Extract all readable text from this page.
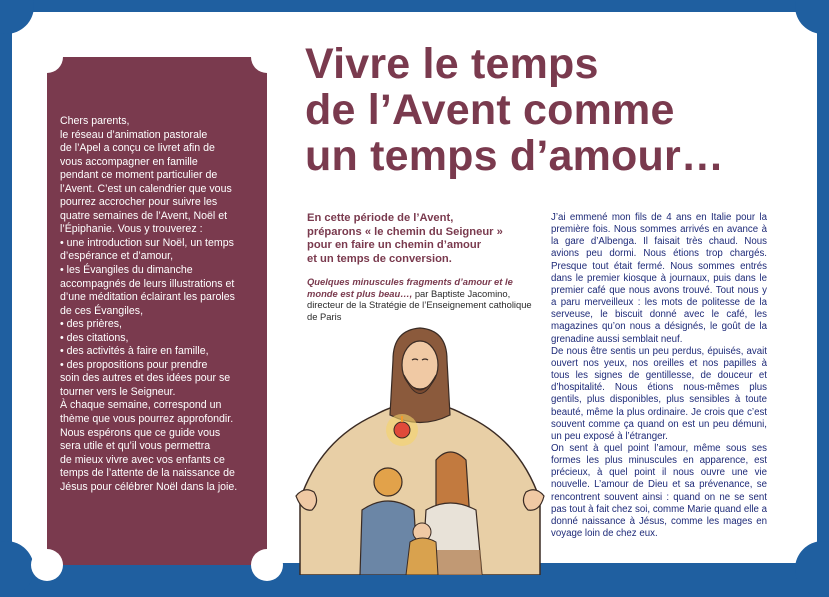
Chers parents,
le réseau d’animation pastorale
de l’Apel a conçu ce livret afin de
vous accompagner en famille
pendant ce moment particulier de
l’Avent. C’est un calendrier que vous
pourrez accrocher pour suivre les
quatre semaines de l’Avent, Noël et
l’Épiphanie. Vous y trouverez :
• une introduction sur Noël, un temps
d’espérance et d’amour,
• les Évangiles du dimanche
accompagnés de leurs illustrations et
d’une méditation éclairant les paroles
de ces Évangiles,
• des prières,
• des citations,
• des activités à faire en famille,
• des propositions pour prendre
soin des autres et des idées pour se
tourner vers le Seigneur.
À chaque semaine, correspond un
thème que vous pourrez approfondir.
Nous espérons que ce guide vous
sera utile et qu’il vous permettra
de mieux vivre avec vos enfants ce
temps de l’attente de la naissance de
Jésus pour célébrer Noël dans la joie.
Vivre le temps
de l’Avent comme
un temps d’amour…
En cette période de l’Avent,
préparons « le chemin du Seigneur »
pour en faire un chemin d’amour
et un temps de conversion.
Quelques minuscules fragments d’amour et le monde est plus beau…, par Baptiste Jacomino, directeur de la Stratégie de l’Enseignement catholique de Paris

J’ai emmené mon fils de 4 ans en Italie pour la première fois. Nous sommes arrivés en avance à la gare d’Albenga. Il faisait très chaud. Nous avions peu dormi. Nous étions trop chargés. Presque tout était fermé. Nous sommes entrés dans le premier kiosque à journaux, puis dans le premier café que nous avons trouvé. Tout nous y a paru merveilleux : les mots de politesse de la serveuse, le biscuit donné avec le café, les magazines qu’on nous a désignés, le goût de la grenadine aussi semblait neuf.

De nous être sentis un peu perdus, épuisés, avait ouvert nos yeux, nos oreilles et nos papilles à tous les signes de gentillesse, de douceur et d’hospitalité. Nous étions nous-mêmes plus gentils, plus disponibles, plus sensibles à toute beauté, même la plus ordinaire. Je crois que c’est souvent comme ça quand on est un peu démuni, un peu exposé à l’étranger.

On sent à quel point l’amour, même sous ses formes les plus minuscules en apparence, est précieux, à quel point il nous ouvre une vie nouvelle. L’amour de Dieu et sa prévenance, se rencontrent souvent ainsi : quand on ne se sent pas tout à fait chez soi, comme Marie quand elle a donné naissance à Jésus, comme les mages en voyage loin de chez eux.
